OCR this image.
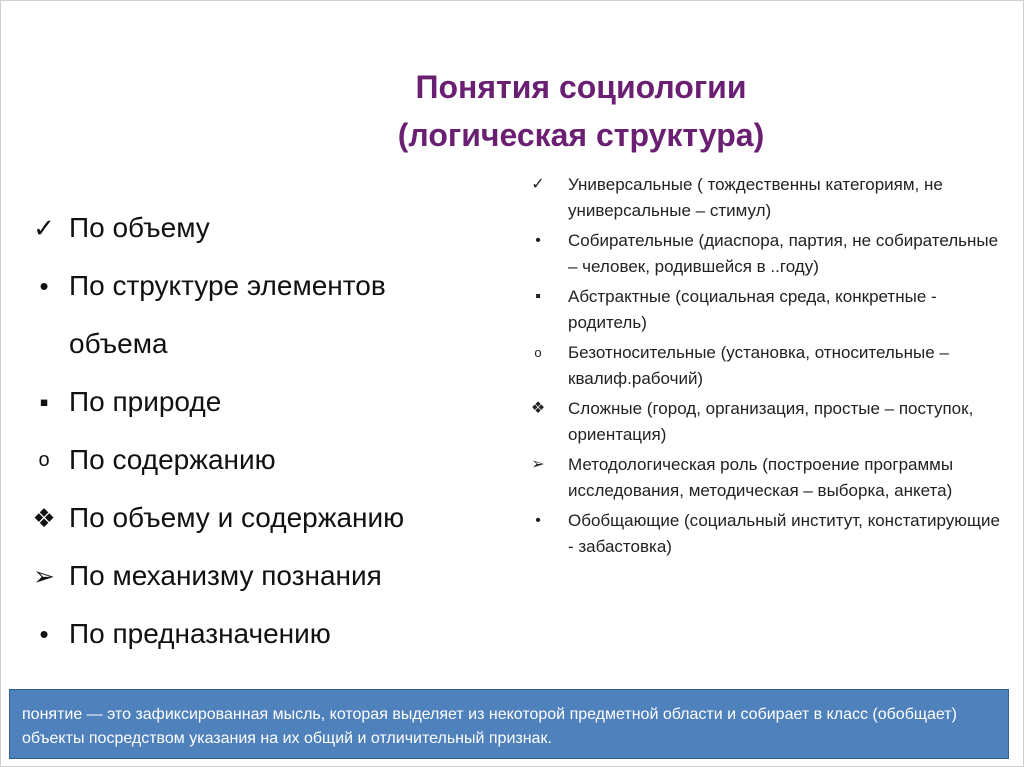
Понятия социологии
(логическая структура)
✓ По объему
• По структуре элементов
объема
▪ По природе
o По содержанию
❖ По объему и содержанию
➢ По механизму познания
• По предназначению
✓ Универсальные ( тождественны категориям, не универсальные – стимул)
•	Собирательные (диаспора, партия, не собирательные – человек, родившейся в ..году)
▪	Абстрактные (социальная среда, конкретные - родитель)
o	Безотносительные (установка, относительные – квалиф.рабочий)
❖ Сложные (город, организация, простые – поступок, ориентация)
➢ Методологическая роль (построение программы исследования, методическая – выборка, анкета)
•	Обобщающие (социальный институт, констатирующие - забастовка)
понятие — это зафиксированная мысль, которая выделяет из некоторой предметной области и собирает в класс (обобщает) объекты посредством указания на их общий и отличительный признак.
